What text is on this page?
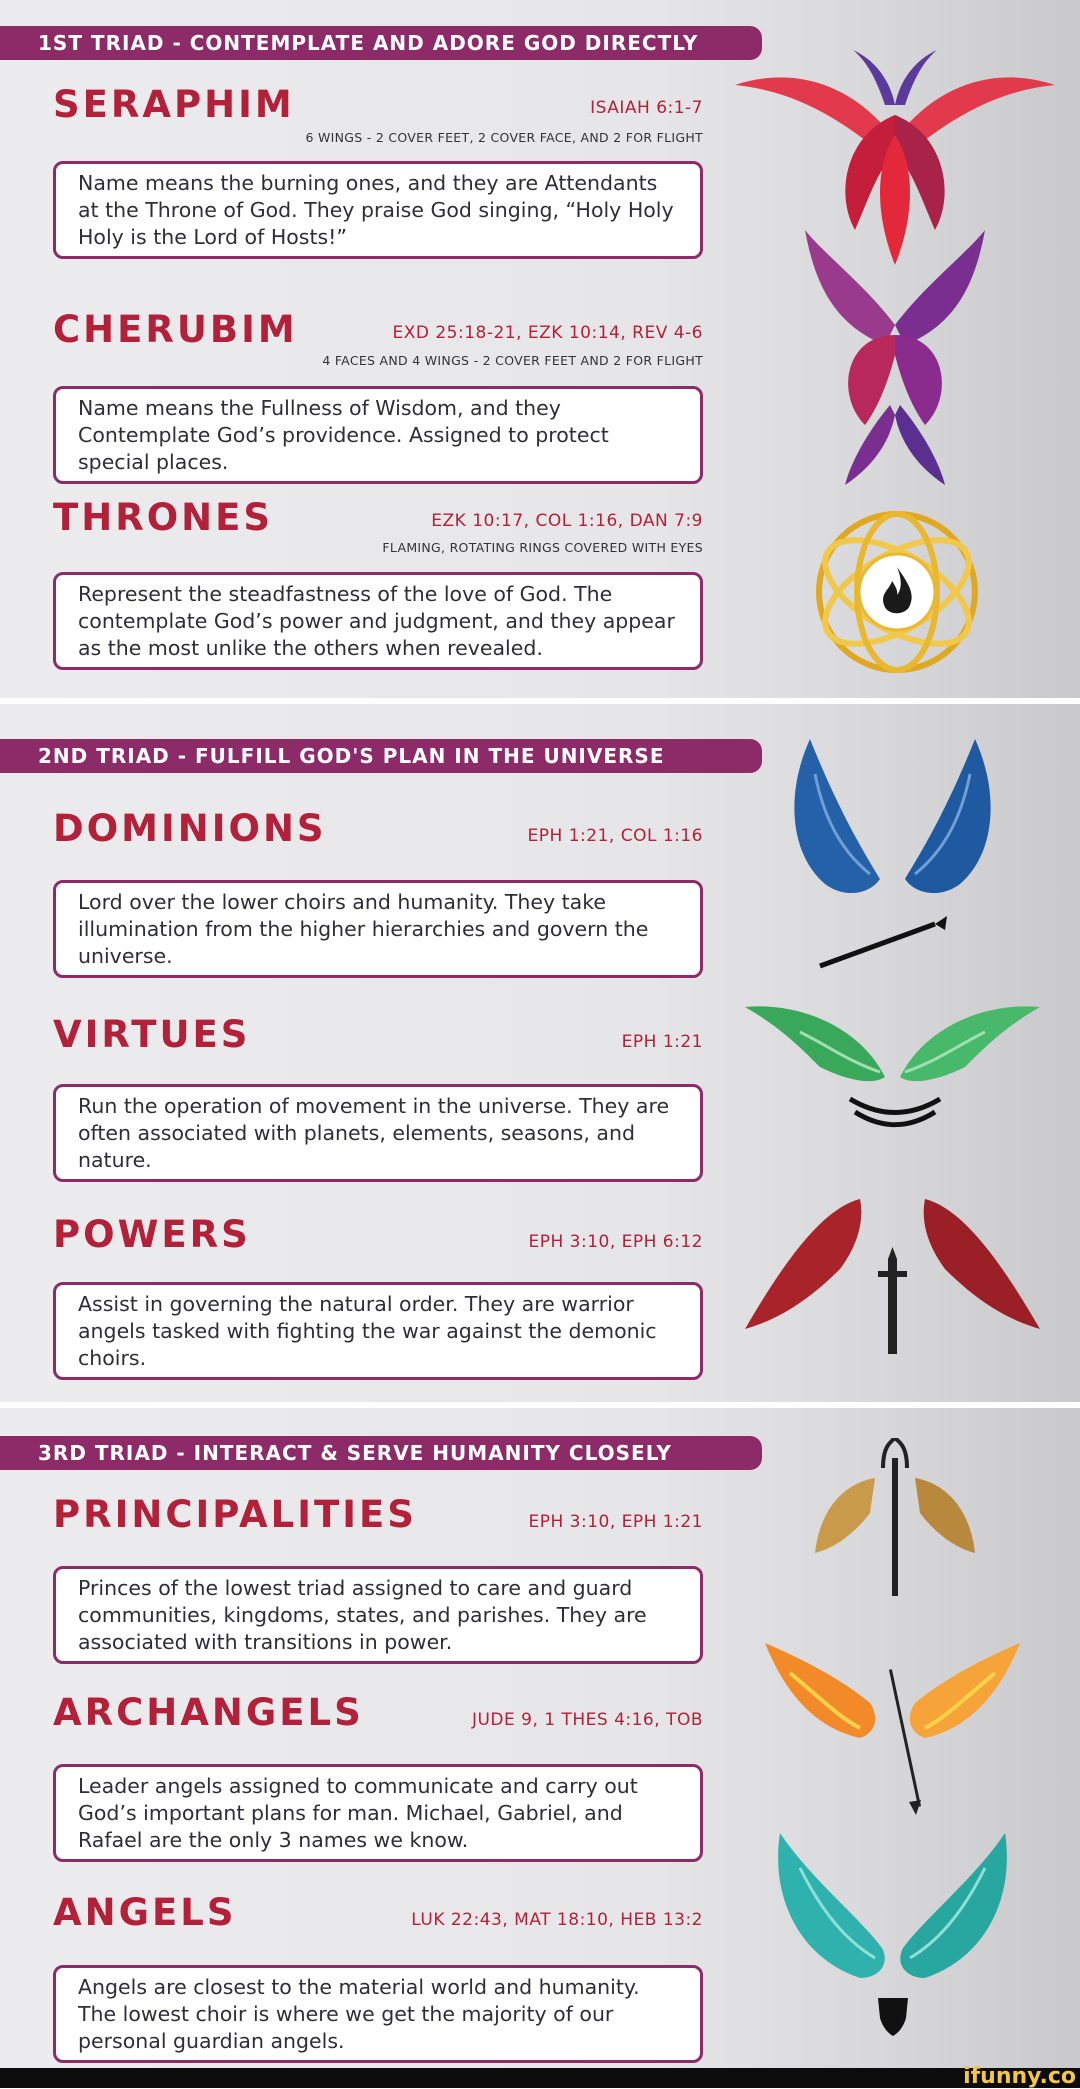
1ST TRIAD - CONTEMPLATE AND ADORE GOD DIRECTLY
SERAPHIM	ISAIAH 6:1-7
6 WINGS - 2 COVER FEET, 2 COVER FACE, AND 2 FOR FLIGHT
Name means the burning ones, and they are Attendants at the Throne of God. They praise God singing, “Holy Holy Holy is the Lord of Hosts!”
CHERUBIM	EXD 25:18-21, EZK 10:14, REV 4-6
4 FACES AND 4 WINGS - 2 COVER FEET AND 2 FOR FLIGHT
Name means the Fullness of Wisdom, and they Contemplate God’s providence. Assigned to protect special places.
THRONES	EZK 10:17, COL 1:16, DAN 7:9
FLAMING, ROTATING RINGS COVERED WITH EYES
Represent the steadfastness of the love of God. The contemplate God’s power and judgment, and they appear as the most unlike the others when revealed.
2ND TRIAD - FULFILL GOD'S PLAN IN THE UNIVERSE
DOMINIONS	EPH 1:21, COL 1:16
Lord over the lower choirs and humanity. They take illumination from the higher hierarchies and govern the universe.
VIRTUES	EPH 1:21
Run the operation of movement in the universe. They are often associated with planets, elements, seasons, and nature.
POWERS	EPH 3:10, EPH 6:12
Assist in governing the natural order. They are warrior angels tasked with fighting the war against the demonic choirs.
3RD TRIAD - INTERACT & SERVE HUMANITY CLOSELY
PRINCIPALITIES	EPH 3:10, EPH 1:21
Princes of the lowest triad assigned to care and guard communities, kingdoms, states, and parishes. They are associated with transitions in power.
ARCHANGELS	JUDE 9, 1 THES 4:16, TOB
Leader angels assigned to communicate and carry out God’s important plans for man. Michael, Gabriel, and Rafael are the only 3 names we know.
ANGELS	LUK 22:43, MAT 18:10, HEB 13:2
Angels are closest to the material world and humanity. The lowest choir is where we get the majority of our personal guardian angels.
ifunny.co
